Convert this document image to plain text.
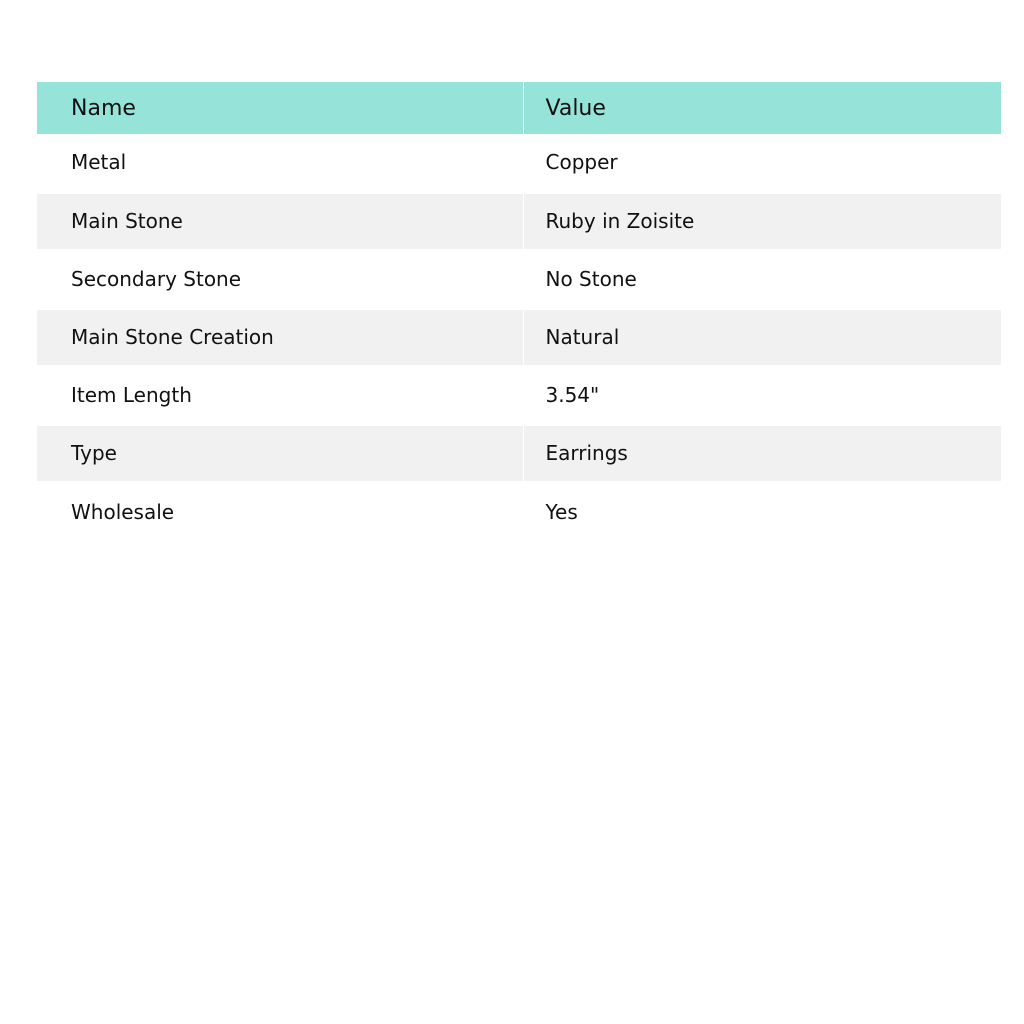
Name	Value
Metal	Copper
Main Stone	Ruby in Zoisite
Secondary Stone	No Stone
Main Stone Creation	Natural
Item Length	3.54"
Type	Earrings
Wholesale	Yes
